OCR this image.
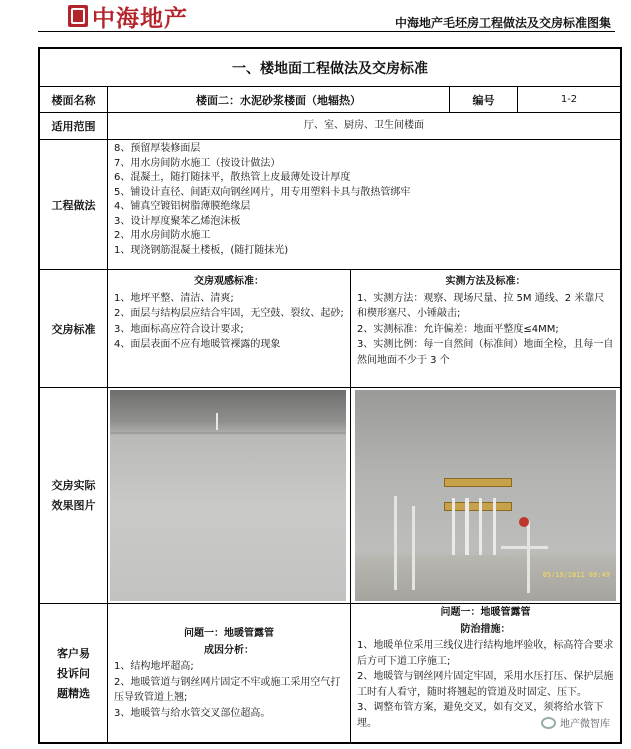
中海地产	中海地产毛坯房工程做法及交房标准图集
一、楼地面工程做法及交房标准
楼面名称	楼面二：水泥砂浆楼面（地辐热）	编号	1-2
适用范围	厅、室、厨房、卫生间楼面
工程做法
8、预留厚装修面层
7、用水房间防水施工（按设计做法）
6、混凝土，随打随抹平，散热管上皮最薄处设计厚度
5、铺设计直径、间距双向钢丝网片，用专用塑料卡具与散热管绑牢
4、铺真空镀铝树脂薄膜绝缘层
3、设计厚度聚苯乙烯泡沫板
2、用水房间防水施工
1、现浇钢筋混凝土楼板，(随打随抹光)
交房标准
交房观感标准：
1、地坪平整、清洁、清爽;
2、面层与结构层应结合牢固，无空鼓、裂纹、起砂;
3、地面标高应符合设计要求;
4、面层表面不应有地暖管裸露的现象
实测方法及标准：
1、实测方法：观察、现场尺量、拉 5M 通线、2 米靠尺和楔形塞尺、小锤敲击;
2、实测标准：允许偏差：地面平整度≤4MM;
3、实测比例：每一自然间（标准间）地面全检，且每一自然间地面不少于 3 个
交房实际
效果图片
05/19/2011 08:49
客户易
投诉问
题精选
问题一：地暖管露管
成因分析：
1、结构地坪超高;
2、地暖管道与钢丝网片固定不牢或施工采用空气打压导致管道上翘;
3、地暖管与给水管交叉部位超高。
问题一：地暖管露管
防治措施：
1、地暖单位采用三线仪进行结构地坪验收，标高符合要求后方可下道工序施工;
2、地暖管与钢丝网片固定牢固，采用水压打压、保护层施工时有人看守，随时将翘起的管道及时固定、压下。
3、调整布管方案，避免交叉，如有交叉，须将给水管下埋。	地产微智库
